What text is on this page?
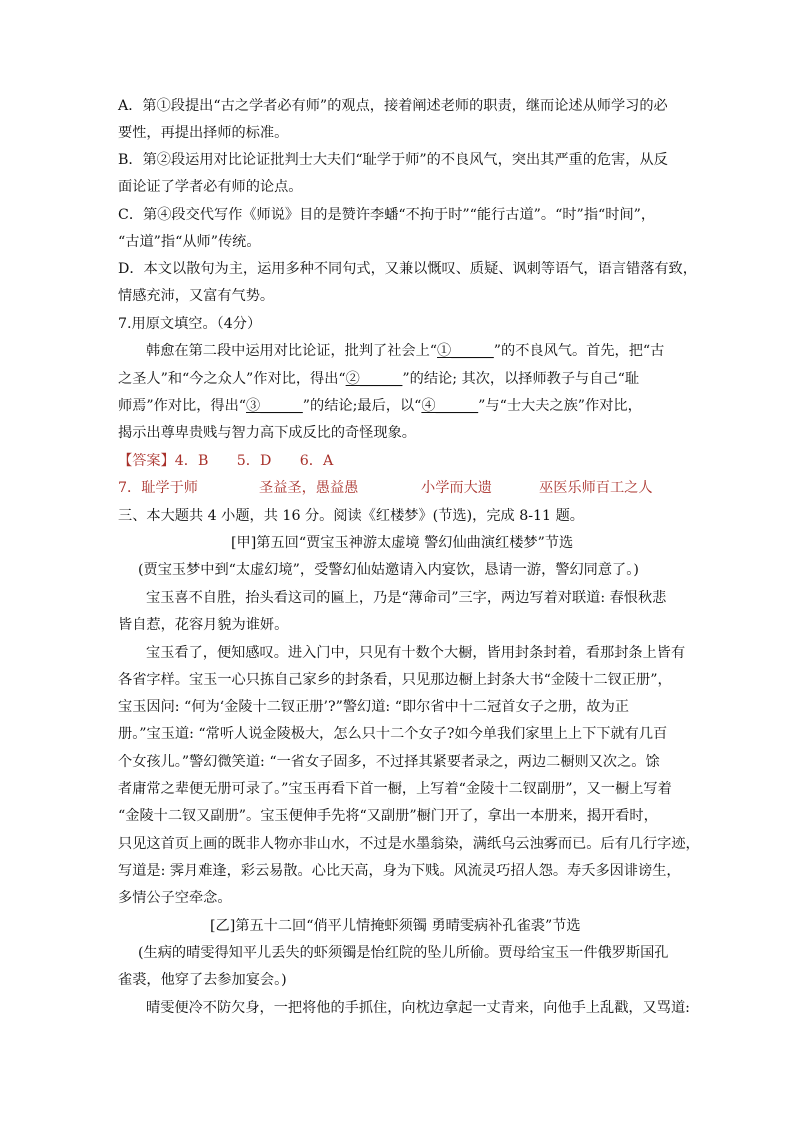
A．第①段提出“古之学者必有师”的观点，接着阐述老师的职责，继而论述从师学习的必
要性，再提出择师的标准。
B．第②段运用对比论证批判士大夫们“耻学于师”的不良风气，突出其严重的危害，从反
面论证了学者必有师的论点。
C．第④段交代写作《师说》目的是赞许李蟠“不拘于时”“能行古道”。“时”指“时间”，
“古道”指“从师”传统。
D．本文以散句为主，运用多种不同句式，又兼以慨叹、质疑、讽刺等语气，语言错落有致，
情感充沛，又富有气势。
7.用原文填空。（4分）
韩愈在第二段中运用对比论证，批判了社会上“①______”的不良风气。首先，把“古
之圣人”和“今之众人”作对比，得出“②______”的结论; 其次，以择师教子与自己“耻
师焉”作对比，得出“③______”的结论;最后，以“④______”与“士大夫之族”作对比，
揭示出尊卑贵贱与智力高下成反比的奇怪现象。
【答案】4．B　　5．D　　6．A
7．耻学于师	圣益圣，愚益愚	小学而大遗	巫医乐师百工之人
三、本大题共 4 小题，共 16 分。阅读《红楼梦》(节选)，完成 8-11 题。
[甲]第五回“贾宝玉神游太虚境 警幻仙曲演红楼梦”节选
(贾宝玉梦中到“太虚幻境”，受警幻仙姑邀请入内宴饮，恳请一游，警幻同意了。)
宝玉喜不自胜，抬头看这司的匾上，乃是“薄命司”三字，两边写着对联道: 春恨秋悲
皆自惹，花容月貌为谁妍。
宝玉看了，便知感叹。进入门中，只见有十数个大橱，皆用封条封着，看那封条上皆有
各省字样。宝玉一心只拣自己家乡的封条看，只见那边橱上封条大书“金陵十二钗正册”，
宝玉因问: “何为‘金陵十二钗正册’?”警幻道: “即尔省中十二冠首女子之册，故为正
册。”宝玉道: “常听人说金陵极大，怎么只十二个女子?如今单我们家里上上下下就有几百
个女孩儿。”警幻微笑道: “一省女子固多，不过择其紧要者录之，两边二橱则又次之。馀
者庸常之辈便无册可录了。”宝玉再看下首一橱，上写着“金陵十二钗副册”，又一橱上写着
“金陵十二钗又副册”。宝玉便伸手先将“又副册”橱门开了，拿出一本册来，揭开看时，
只见这首页上画的既非人物亦非山水，不过是水墨翁染，满纸乌云浊雾而已。后有几行字迹，
写道是: 霁月难逢，彩云易散。心比天高，身为下贱。风流灵巧招人怨。寿夭多因诽谤生，
多情公子空牵念。
[乙]第五十二回“俏平儿情掩虾须镯 勇晴雯病补孔雀裘”节选
(生病的晴雯得知平儿丢失的虾须镯是怡红院的坠儿所偷。贾母给宝玉一件俄罗斯国孔
雀裘，他穿了去参加宴会。)
晴雯便冷不防欠身，一把将他的手抓住，向枕边拿起一丈青来，向他手上乱戳，又骂道:
